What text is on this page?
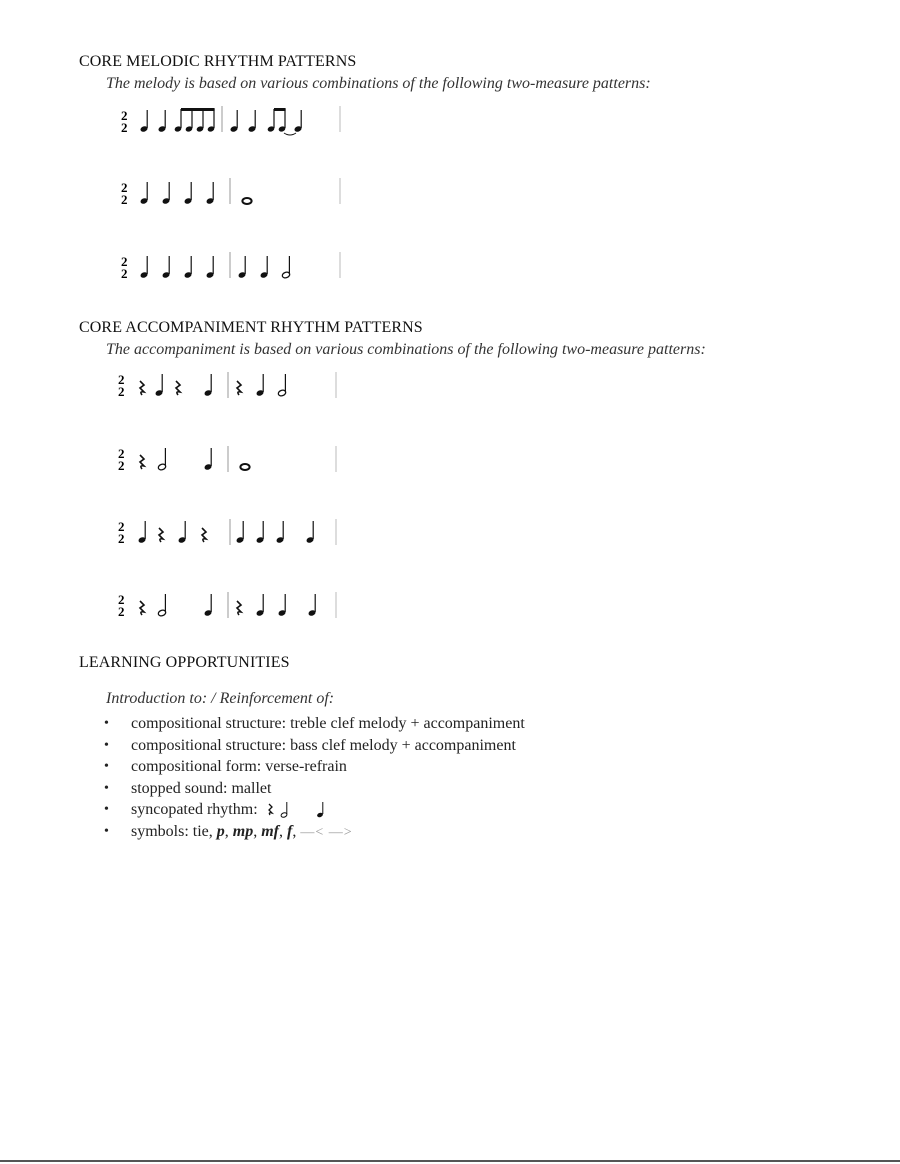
CORE MELODIC RHYTHM PATTERNS
The melody is based on various combinations of the following two-measure patterns:
2
2
2
2
2
2
CORE ACCOMPANIMENT RHYTHM PATTERNS
The accompaniment is based on various combinations of the following two-measure patterns:
2
2
2
2
2
2
2
2
LEARNING OPPORTUNITIES
Introduction to: / Reinforcement of:
• compositional structure: treble clef melody + accompaniment
• compositional structure: bass clef melody + accompaniment
• compositional form: verse-refrain
• stopped sound: mallet
• syncopated rhythm:
• symbols: tie, p, mp, mf, f, —< —>
